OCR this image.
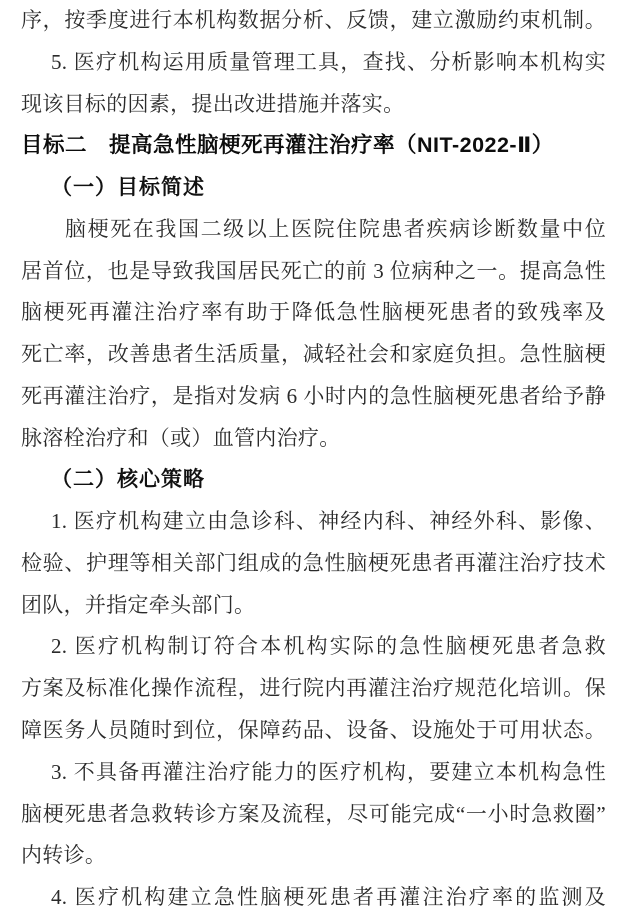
序，按季度进行本机构数据分析、反馈，建立激励约束机制。
5. 医疗机构运用质量管理工具，查找、分析影响本机构实
现该目标的因素，提出改进措施并落实。
目标二　提高急性脑梗死再灌注治疗率（NIT-2022-Ⅱ）
（一）目标简述
脑梗死在我国二级以上医院住院患者疾病诊断数量中位
居首位，也是导致我国居民死亡的前 3 位病种之一。提高急性
脑梗死再灌注治疗率有助于降低急性脑梗死患者的致残率及
死亡率，改善患者生活质量，减轻社会和家庭负担。急性脑梗
死再灌注治疗，是指对发病 6 小时内的急性脑梗死患者给予静
脉溶栓治疗和（或）血管内治疗。
（二）核心策略
1. 医疗机构建立由急诊科、神经内科、神经外科、影像、
检验、护理等相关部门组成的急性脑梗死患者再灌注治疗技术
团队，并指定牵头部门。
2. 医疗机构制订符合本机构实际的急性脑梗死患者急救
方案及标准化操作流程，进行院内再灌注治疗规范化培训。保
障医务人员随时到位，保障药品、设备、设施处于可用状态。
3. 不具备再灌注治疗能力的医疗机构，要建立本机构急性
脑梗死患者急救转诊方案及流程，尽可能完成“一小时急救圈”
内转诊。
4. 医疗机构建立急性脑梗死患者再灌注治疗率的监测及
